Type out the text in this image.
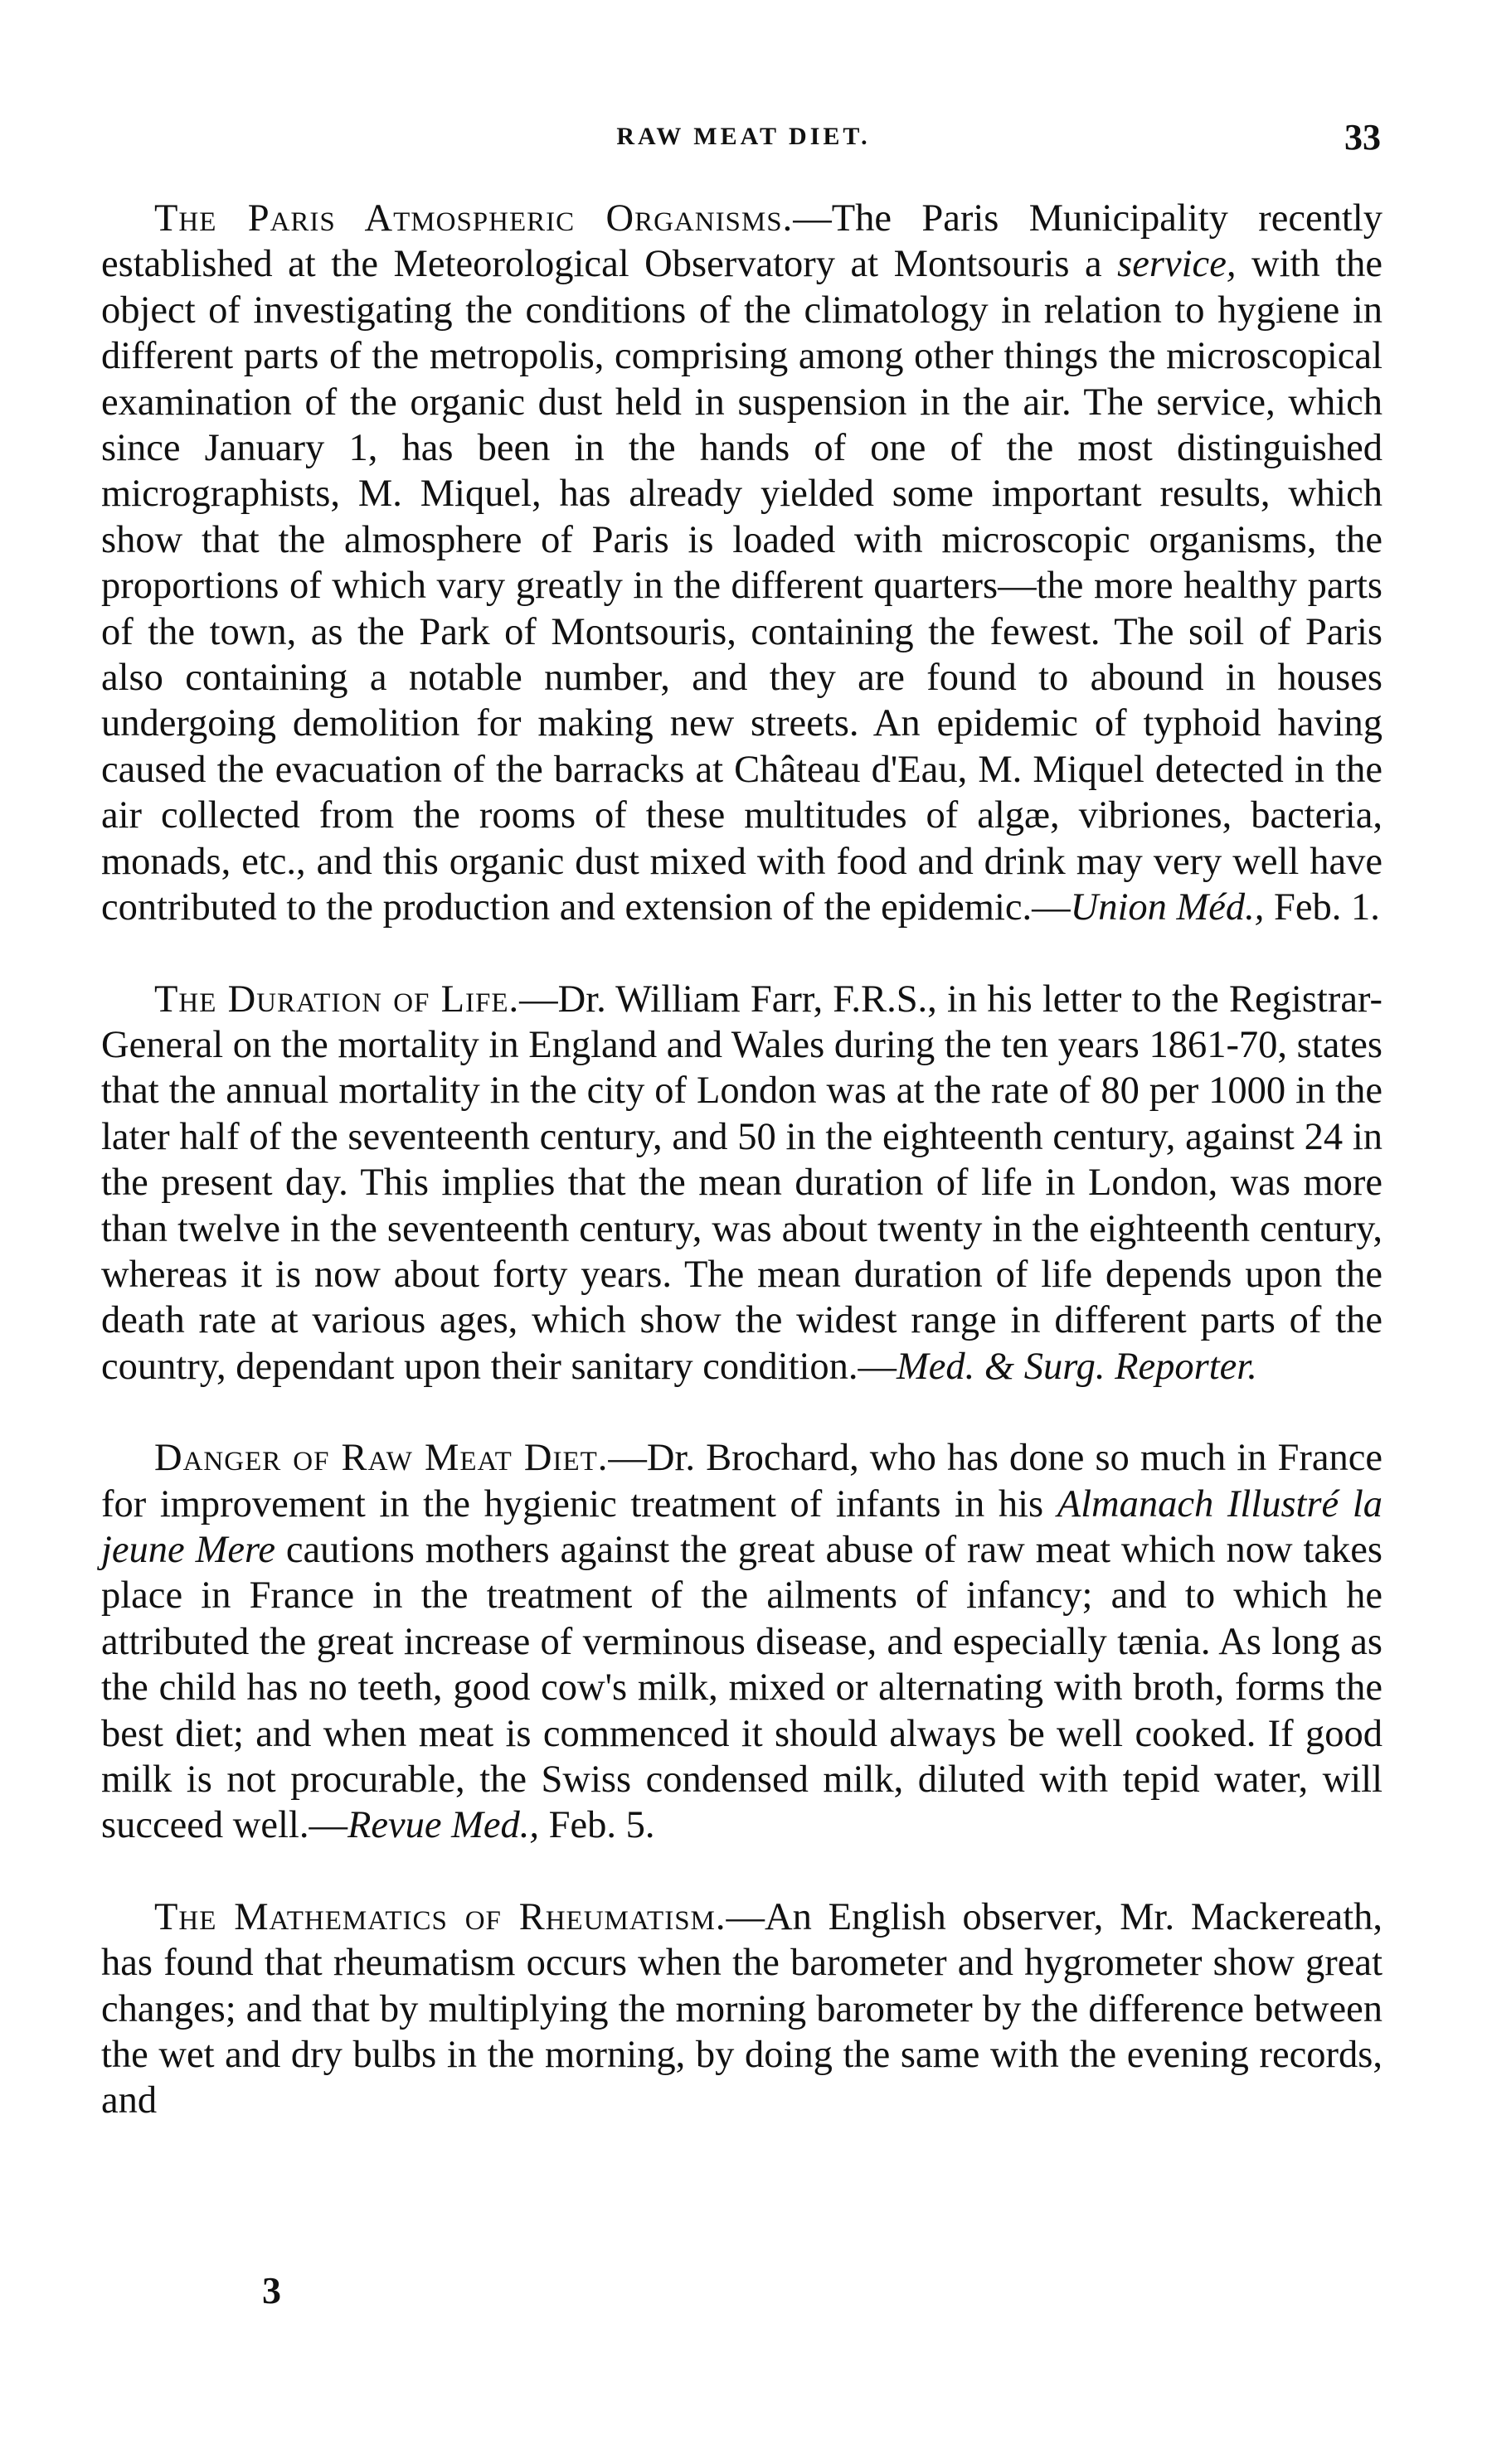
RAW MEAT DIET.	33

The Paris Atmospheric Organisms.—The Paris Municipality recently established at the Meteorological Observatory at Montsouris a service, with the object of investigating the conditions of the climatology in relation to hygiene in different parts of the metropolis, comprising among other things the microscopical examination of the organic dust held in suspension in the air. The service, which since January 1, has been in the hands of one of the most distinguished micrographists, M. Miquel, has already yielded some important results, which show that the almosphere of Paris is loaded with microscopic organisms, the proportions of which vary greatly in the different quarters—the more healthy parts of the town, as the Park of Montsouris, containing the fewest. The soil of Paris also containing a notable number, and they are found to abound in houses undergoing demolition for making new streets. An epidemic of typhoid having caused the evacuation of the barracks at Château d'Eau, M. Miquel detected in the air collected from the rooms of these multitudes of algæ, vibriones, bacteria, monads, etc., and this organic dust mixed with food and drink may very well have contributed to the production and extension of the epidemic.—Union Méd., Feb. 1.

The Duration of Life.—Dr. William Farr, F.R.S., in his letter to the Registrar-General on the mortality in England and Wales during the ten years 1861-70, states that the annual mortality in the city of London was at the rate of 80 per 1000 in the later half of the seventeenth century, and 50 in the eighteenth century, against 24 in the present day. This implies that the mean duration of life in London, was more than twelve in the seventeenth century, was about twenty in the eighteenth century, whereas it is now about forty years. The mean duration of life depends upon the death rate at various ages, which show the widest range in different parts of the country, dependant upon their sanitary condition.—Med. & Surg. Reporter.

Danger of Raw Meat Diet.—Dr. Brochard, who has done so much in France for improvement in the hygienic treatment of infants in his Almanach Illustré la jeune Mere cautions mothers against the great abuse of raw meat which now takes place in France in the treatment of the ailments of infancy; and to which he attributed the great increase of verminous disease, and especially tænia. As long as the child has no teeth, good cow's milk, mixed or alternating with broth, forms the best diet; and when meat is commenced it should always be well cooked. If good milk is not procurable, the Swiss condensed milk, diluted with tepid water, will succeed well.—Revue Med., Feb. 5.

The Mathematics of Rheumatism.—An English observer, Mr. Mackereath, has found that rheumatism occurs when the barometer and hygrometer show great changes; and that by multiplying the morning barometer by the difference between the wet and dry bulbs in the morning, by doing the same with the evening records, and

3
